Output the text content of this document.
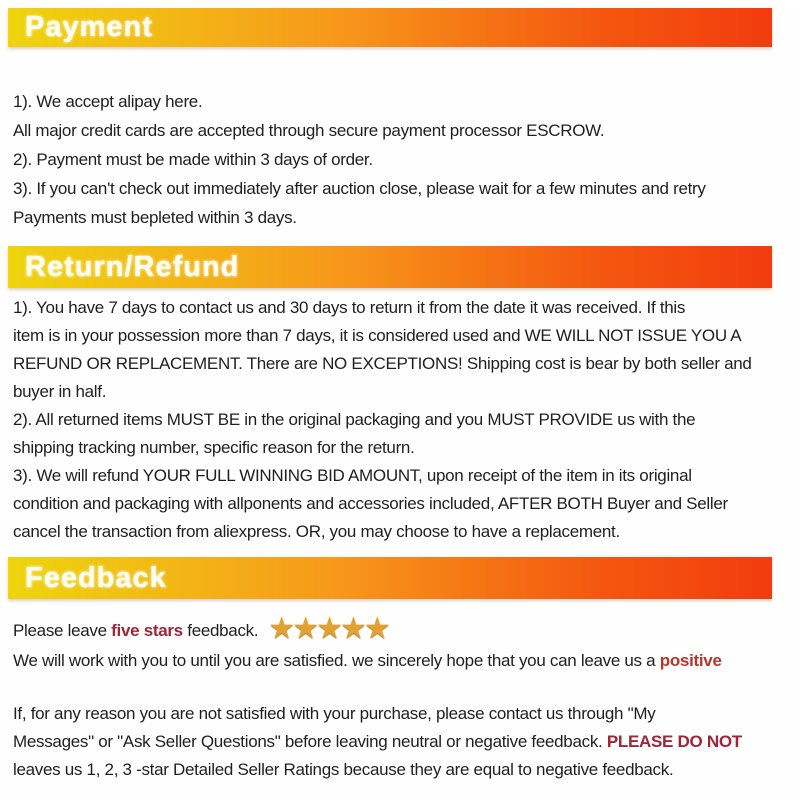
Payment
1). We accept alipay here.
All major credit cards are accepted through secure payment processor ESCROW.
2). Payment must be made within 3 days of order.
3). If you can't check out immediately after auction close, please wait for a few minutes and retry
Payments must bepleted within 3 days.
Return/Refund
1). You have 7 days to contact us and 30 days to return it from the date it was received. If this
item is in your possession more than 7 days, it is considered used and WE WILL NOT ISSUE YOU A
REFUND OR REPLACEMENT. There are NO EXCEPTIONS! Shipping cost is bear by both seller and
buyer in half.
2). All returned items MUST BE in the original packaging and you MUST PROVIDE us with the
shipping tracking number, specific reason for the return.
3). We will refund YOUR FULL WINNING BID AMOUNT, upon receipt of the item in its original
condition and packaging with allponents and accessories included, AFTER BOTH Buyer and Seller
cancel the transaction from aliexpress. OR, you may choose to have a replacement.
Feedback
Please leave five stars feedback. ★★★★★
We will work with you to until you are satisfied. we sincerely hope that you can leave us a positive
If, for any reason you are not satisfied with your purchase, please contact us through "My
Messages" or "Ask Seller Questions" before leaving neutral or negative feedback. PLEASE DO NOT
leaves us 1, 2, 3 -star Detailed Seller Ratings because they are equal to negative feedback.
